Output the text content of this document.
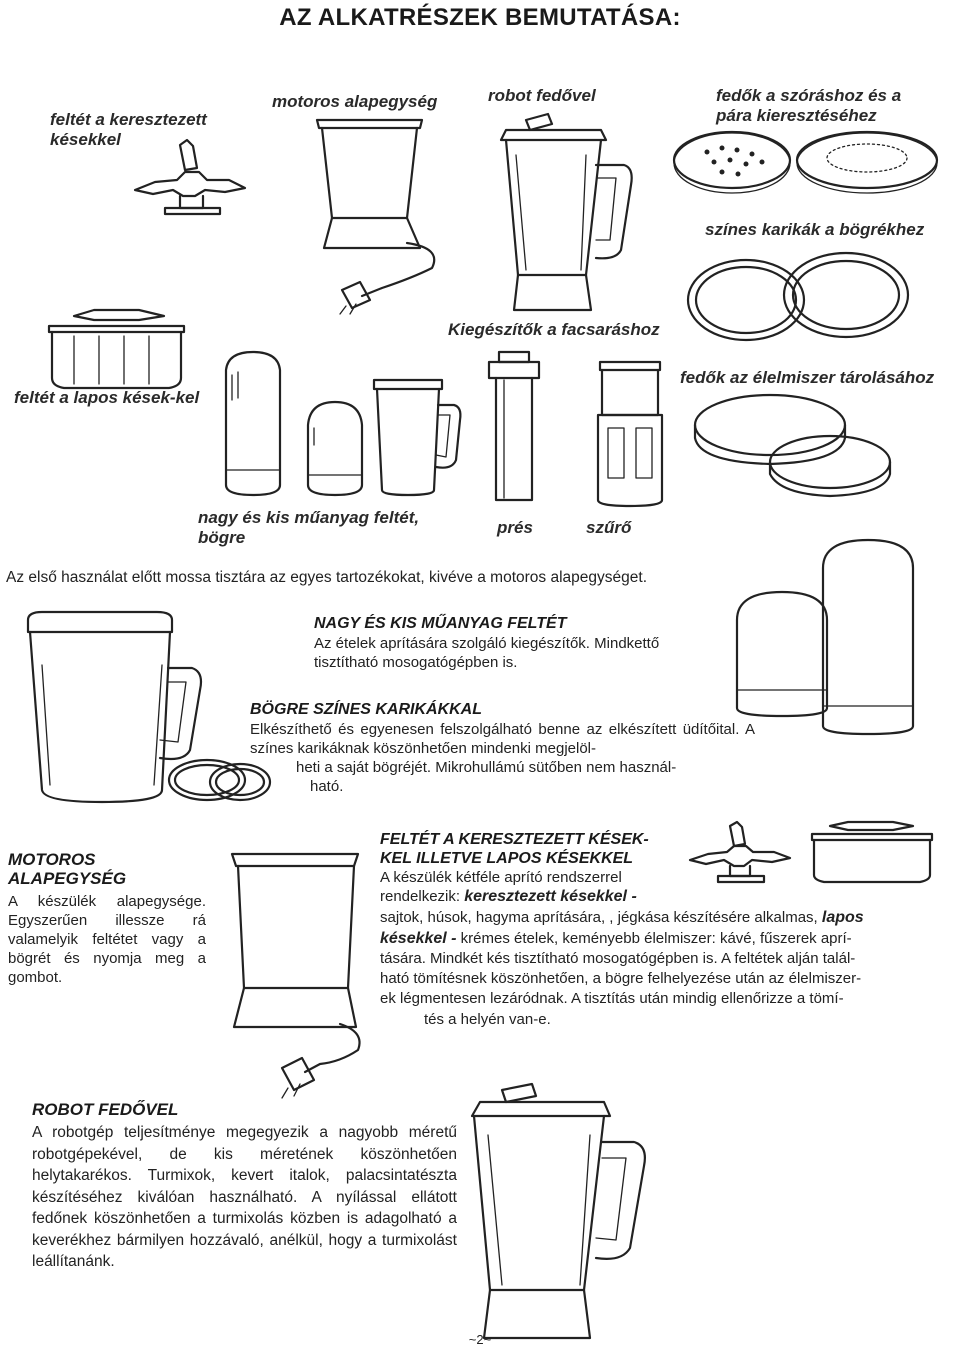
AZ ALKATRÉSZEK BEMUTATÁSA:
feltét a keresztezett késekkel
motoros alapegység	robot fedővel	fedők a szóráshoz és a pára kieresztéséhez
színes karikák a bögrékhez
Kiegészítők a facsaráshoz
feltét a lapos kések-kel
fedők az élelmiszer tárolásához
nagy és kis műanyag feltét, bögre
prés	szűrő
Az első használat előtt mossa tisztára az egyes tartozékokat, kivéve a motoros alapegységet.
NAGY ÉS KIS MŰANYAG FELTÉT
Az ételek aprítására szolgáló kiegészítők. Mindkettő tisztítható mosogatógépben is.
BÖGRE SZÍNES KARIKÁKKAL
Elkészíthető és egyenesen felszolgálható benne az elkészített üdítőital. A színes karikáknak köszönhetően mindenki megjelöl-
heti a saját bögréjét. Mikrohullámú sütőben nem használ-
ható.
MOTOROS ALAPEGYSÉG
A készülék alapegysége. Egyszerűen illessze rá valamelyik feltétet vagy a bögrét és nyomja meg a gombot.
FELTÉT A KERESZTEZETT KÉSEK-
KEL ILLETVE LAPOS KÉSEKKEL
A készülék kétféle aprító rendszerrel
rendelkezik: keresztezett késekkel -
sajtok, húsok, hagyma aprítására, , jégkása készítésére alkalmas, lapos
késekkel - krémes ételek, keményebb élelmiszer: kávé, fűszerek aprí-
tására. Mindkét kés tisztítható mosogatógépben is. A feltétek alján talál-
ható tömítésnek köszönhetően, a bögre felhelyezése után az élelmiszer-
ek légmentesen lezáródnak. A tisztítás után mindig ellenőrizze a tömí-
tés a helyén van-e.
ROBOT FEDŐVEL
A robotgép teljesítménye megegyezik a nagyobb méretű robotgépekével, de kis méretének köszönhetően helytakarékos. Turmixok, kevert italok, palacsintatészta készítéséhez kiválóan használható. A nyílással ellátott fedőnek köszönhetően a turmixolás közben is adagolható a keverékhez bármilyen hozzávaló, anélkül, hogy a turmixolást leállítanánk.
~2~
